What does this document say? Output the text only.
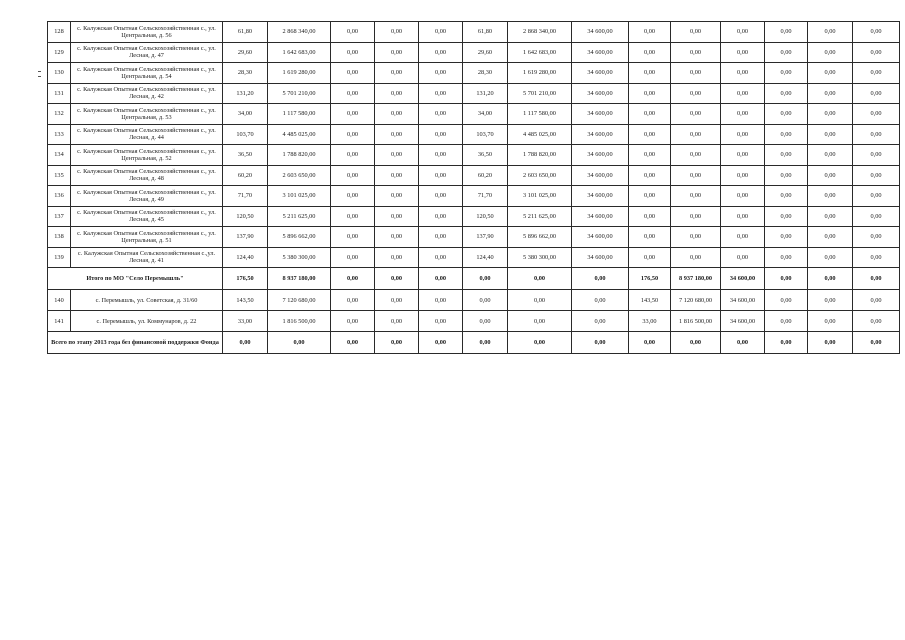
128	с. Калужская Опытная Сельскохозяйственная с., ул. Центральная, д. 56	61,80	2 868 340,00	0,00	0,00	0,00	61,80	2 868 340,00	34 600,00	0,00	0,00	0,00	0,00	0,00	0,00
129	с. Калужская Опытная Сельскохозяйственная с., ул. Лесная, д. 47	29,60	1 642 683,00	0,00	0,00	0,00	29,60	1 642 683,00	34 600,00	0,00	0,00	0,00	0,00	0,00	0,00
130	с. Калужская Опытная Сельскохозяйственная с., ул. Центральная, д. 54	28,30	1 619 280,00	0,00	0,00	0,00	28,30	1 619 280,00	34 600,00	0,00	0,00	0,00	0,00	0,00	0,00
131	с. Калужская Опытная Сельскохозяйственная с., ул. Лесная, д. 42	131,20	5 701 210,00	0,00	0,00	0,00	131,20	5 701 210,00	34 600,00	0,00	0,00	0,00	0,00	0,00	0,00
132	с. Калужская Опытная Сельскохозяйственная с., ул. Центральная, д. 53	34,00	1 117 580,00	0,00	0,00	0,00	34,00	1 117 580,00	34 600,00	0,00	0,00	0,00	0,00	0,00	0,00
133	с. Калужская Опытная Сельскохозяйственная с., ул. Лесная, д. 44	103,70	4 485 025,00	0,00	0,00	0,00	103,70	4 485 025,00	34 600,00	0,00	0,00	0,00	0,00	0,00	0,00
134	с. Калужская Опытная Сельскохозяйственная с., ул. Центральная, д. 52	36,50	1 788 820,00	0,00	0,00	0,00	36,50	1 788 820,00	34 600,00	0,00	0,00	0,00	0,00	0,00	0,00
135	с. Калужская Опытная Сельскохозяйственная с., ул. Лесная, д. 48	60,20	2 603 650,00	0,00	0,00	0,00	60,20	2 603 650,00	34 600,00	0,00	0,00	0,00	0,00	0,00	0,00
136	с. Калужская Опытная Сельскохозяйственная с., ул. Лесная, д. 49	71,70	3 101 025,00	0,00	0,00	0,00	71,70	3 101 025,00	34 600,00	0,00	0,00	0,00	0,00	0,00	0,00
137	с. Калужская Опытная Сельскохозяйственная с., ул. Лесная, д. 45	120,50	5 211 625,00	0,00	0,00	0,00	120,50	5 211 625,00	34 600,00	0,00	0,00	0,00	0,00	0,00	0,00
138	с. Калужская Опытная Сельскохозяйственная с., ул. Центральная, д. 51	137,90	5 896 662,00	0,00	0,00	0,00	137,90	5 896 662,00	34 600,00	0,00	0,00	0,00	0,00	0,00	0,00
139	с. Калужская Опытная Сельскохозяйственная с.,ул. Лесная, д. 41	124,40	5 380 300,00	0,00	0,00	0,00	124,40	5 380 300,00	34 600,00	0,00	0,00	0,00	0,00	0,00	0,00
Итого по МО "Село Перемышль"		176,50	8 937 180,00	0,00	0,00	0,00	0,00	0,00	0,00	176,50	8 937 180,00	34 600,00	0,00	0,00	0,00
140	с. Перемышль, ул. Советская, д. 31/60	143,50	7 120 680,00	0,00	0,00	0,00	0,00	0,00	0,00	143,50	7 120 680,00	34 600,00	0,00	0,00	0,00
141	с. Перемышль, ул. Коммунаров, д. 22	33,00	1 816 500,00	0,00	0,00	0,00	0,00	0,00	0,00	33,00	1 816 500,00	34 600,00	0,00	0,00	0,00
Всего по этапу 2013 года без финансовой поддержки Фонда		0,00	0,00	0,00	0,00	0,00	0,00	0,00	0,00	0,00	0,00	0,00	0,00	0,00	0,00
